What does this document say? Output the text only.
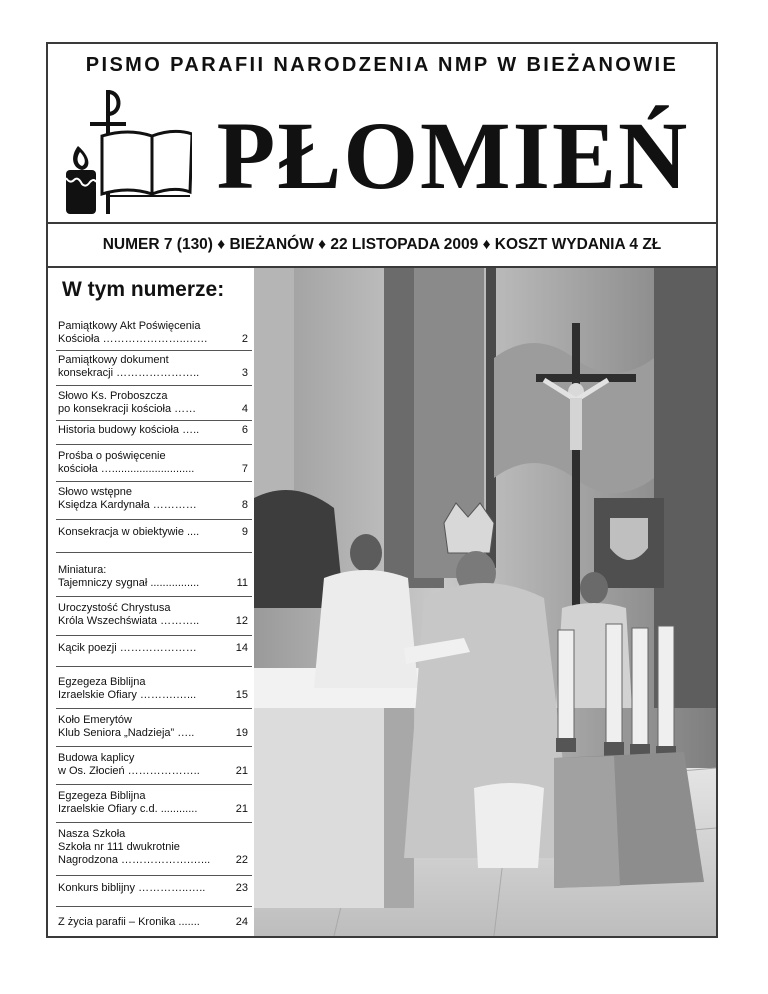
PISMO PARAFII NARODZENIA NMP W BIEŻANOWIE
PŁOMIEŃ
NUMER 7 (130) ♦ BIEŻANÓW ♦ 22 LISTOPADA 2009 ♦ KOSZT WYDANIA 4 ZŁ
W tym numerze:
Pamiątkowy Akt Poświęcenia
Kościoła …………………..……	2
Pamiątkowy dokument
konsekracji …………………..	3
Słowo Ks. Proboszcza
po konsekracji kościoła ……	4
Historia budowy kościoła …..	6
Prośba o poświęcenie
kościoła …...........................	7
Słowo wstępne
Księdza Kardynała …………	8
Konsekracja w obiektywie ....	9
Miniatura:
Tajemniczy sygnał ................	11
Uroczystość Chrystusa
Króla Wszechświata ………..	12
Kącik poezji …………………	14
Egzegeza Biblijna
Izraelskie Ofiary ……….…...	15
Koło Emerytów
Klub Seniora „Nadzieja” …..	19
Budowa kaplicy
w Os. Złocień ………………..	21
Egzegeza Biblijna
Izraelskie Ofiary c.d. ............	21
Nasza Szkoła
Szkoła nr 111 dwukrotnie
Nagrodzona ……………….…...	22
Konkurs biblijny …………..…..	23
Z życia parafii – Kronika .......	24
